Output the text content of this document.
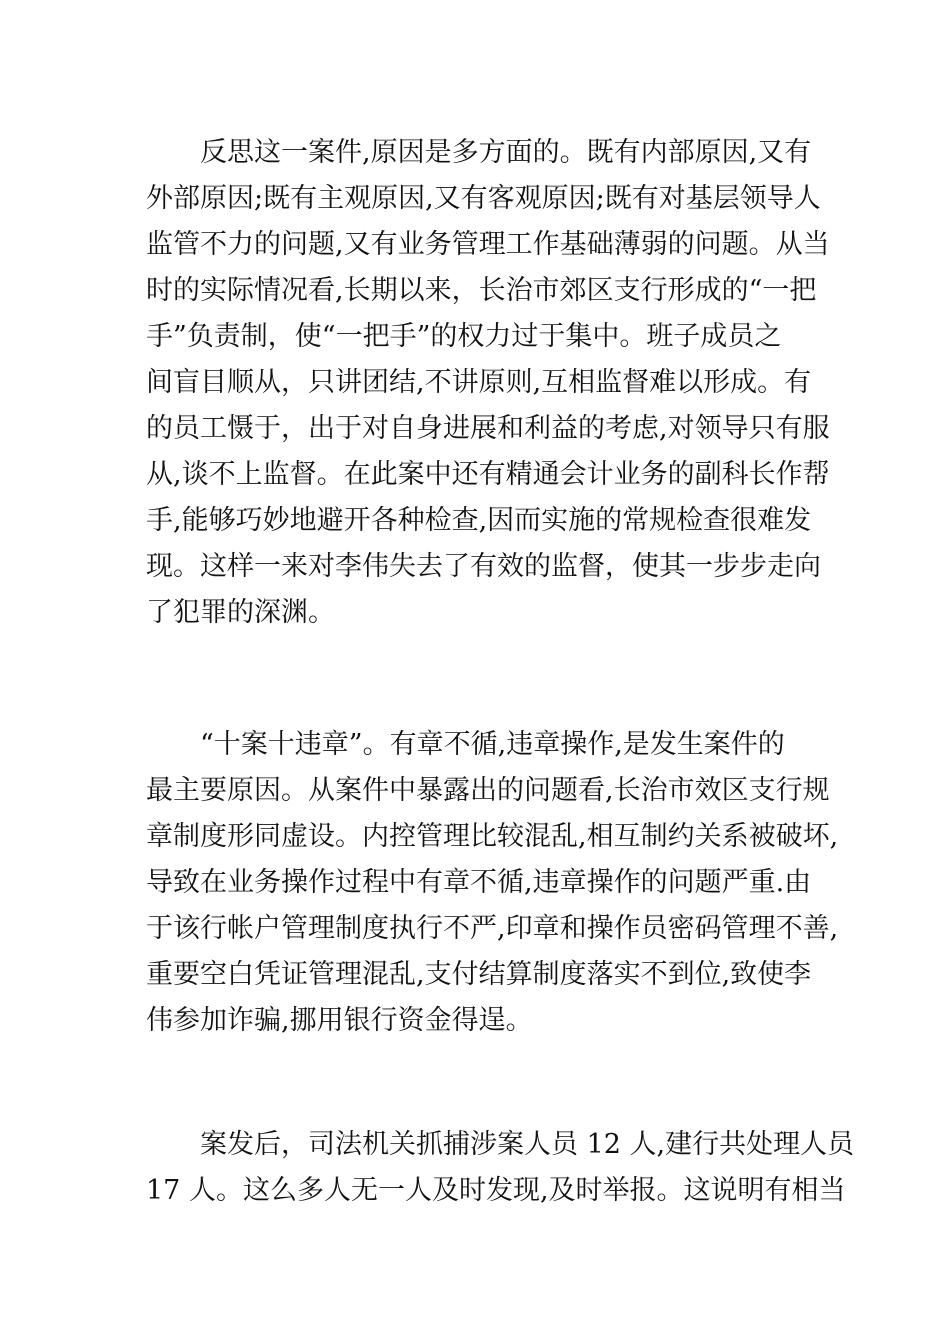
反思这一案件,原因是多方面的。既有内部原因,又有
外部原因;既有主观原因,又有客观原因;既有对基层领导人
监管不力的问题,又有业务管理工作基础薄弱的问题。从当
时的实际情况看,长期以来，长治市郊区支行形成的“一把
手”负责制，使“一把手”的权力过于集中。班子成员之
间盲目顺从，只讲团结,不讲原则,互相监督难以形成。有
的员工慑于，出于对自身进展和利益的考虑,对领导只有服
从,谈不上监督。在此案中还有精通会计业务的副科长作帮
手,能够巧妙地避开各种检查,因而实施的常规检查很难发
现。这样一来对李伟失去了有效的监督，使其一步步走向
了犯罪的深渊。
“十案十违章”。有章不循,违章操作,是发生案件的
最主要原因。从案件中暴露出的问题看,长治市效区支行规
章制度形同虚设。内控管理比较混乱,相互制约关系被破坏,
导致在业务操作过程中有章不循,违章操作的问题严重.由
于该行帐户管理制度执行不严,印章和操作员密码管理不善,
重要空白凭证管理混乱,支付结算制度落实不到位,致使李
伟参加诈骗,挪用银行资金得逞。
案发后，司法机关抓捕涉案人员 12 人,建行共处理人员
17 人。这么多人无一人及时发现,及时举报。这说明有相当
